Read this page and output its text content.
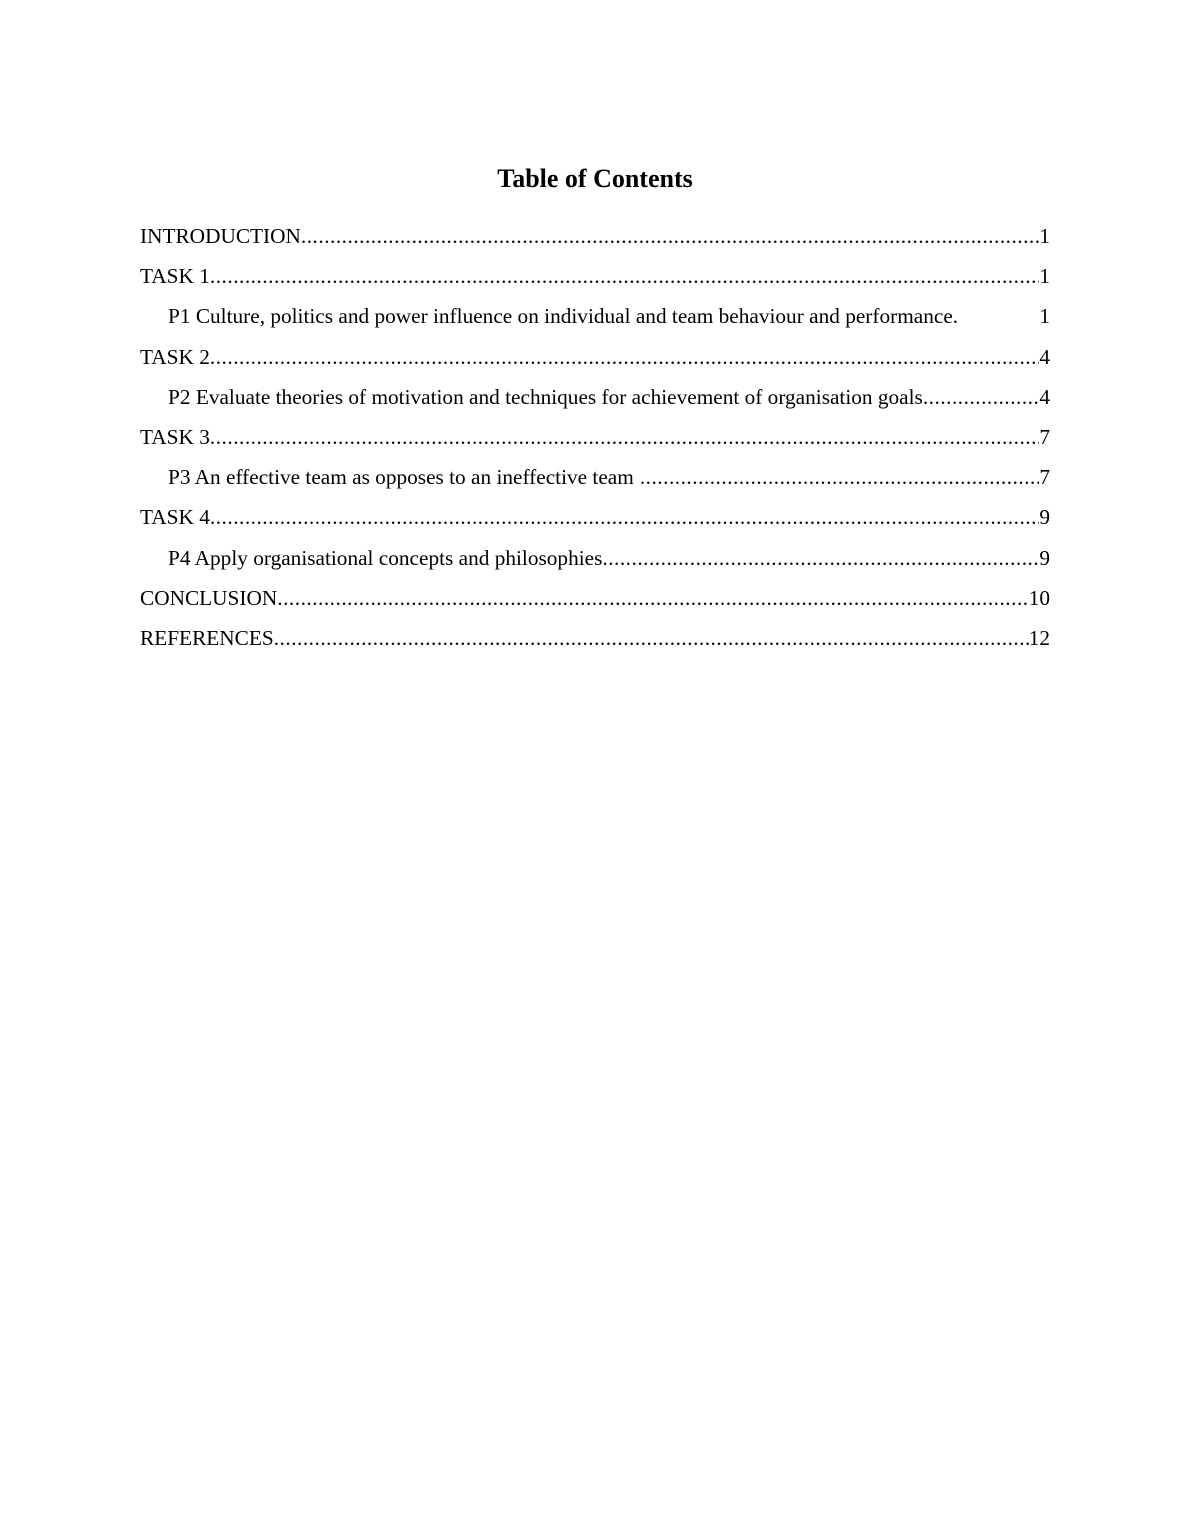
Table of Contents
INTRODUCTION .....	1
TASK 1 .....	1
P1 Culture, politics and power influence on individual and team behaviour and performance.	1
TASK 2 .....	4
P2 Evaluate theories of motivation and techniques for achievement of organisation goals .....	4
TASK 3 .....	7
P3 An effective team as opposes to an ineffective team .....	7
TASK 4 .....	9
P4 Apply organisational concepts and philosophies .....	9
CONCLUSION .....	10
REFERENCES .....	12
